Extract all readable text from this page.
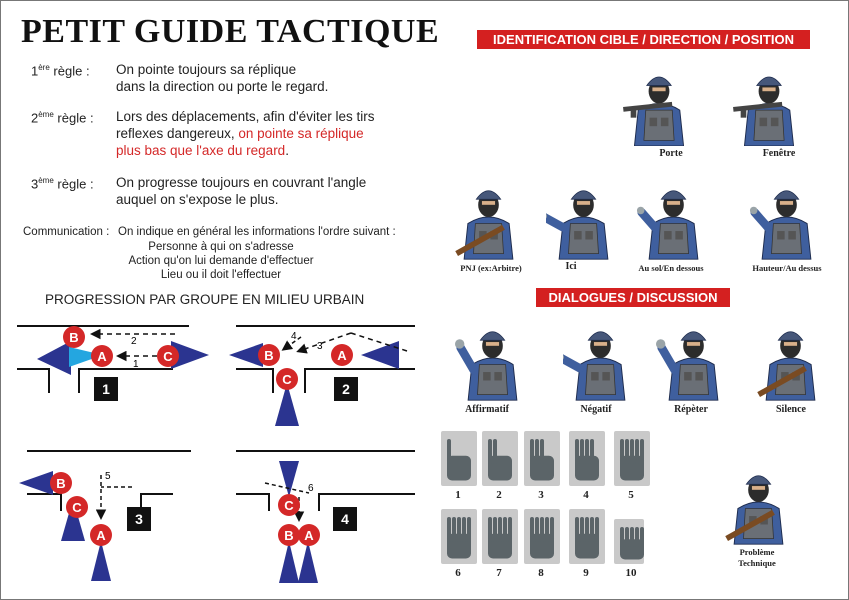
PETIT GUIDE TACTIQUE
1ère règle : On pointe toujours sa réplique
dans la direction ou porte le regard.
2ème règle : Lors des déplacements, afin d'éviter les tirs
reflexes dangereux, on pointe sa réplique
plus bas que l'axe du regard.
3ème règle : On progresse toujours en couvrant l'angle
auquel on s'expose le plus.
Communication : On indique en général les informations l'ordre suivant :
Personne à qui on s'adresse
Action qu'on lui demande d'effectuer
Lieu ou il doit l'effectuer
PROGRESSION PAR GROUPE EN MILIEU URBAIN
2
1
B
A	C
1
4
3
B	A
C
2
5
B
C
A
3
6
C
B A
4
IDENTIFICATION CIBLE / DIRECTION / POSITION
Porte	Fenêtre
PNJ (ex:Arbitre)	Ici	Au sol/En dessous	Hauteur/Au dessus
DIALOGUES / DISCUSSION
Affirmatif	Négatif	Répèter	Silence
1	2	3	4	5
6	7	8	9	10
Problème
Technique
